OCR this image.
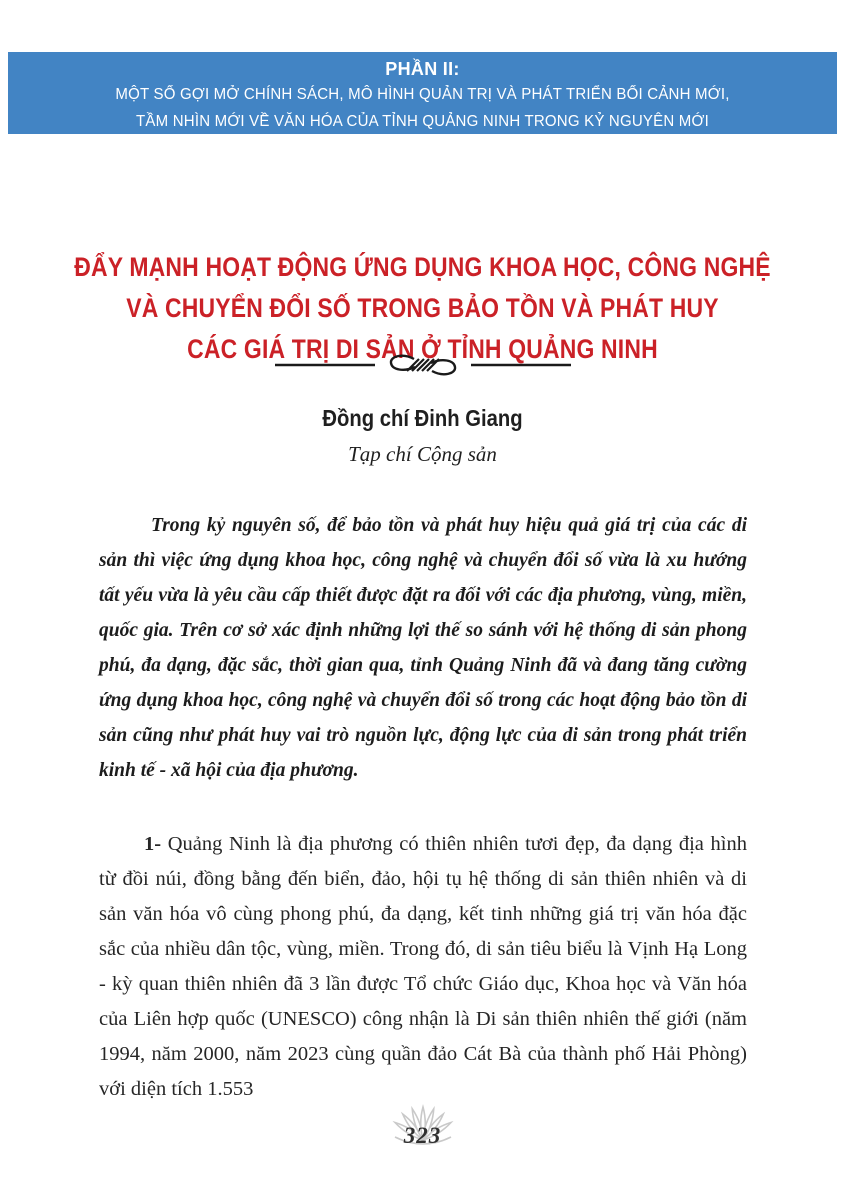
PHẦN II:
MỘT SỐ GỢI MỞ CHÍNH SÁCH, MÔ HÌNH QUẢN TRỊ VÀ PHÁT TRIỂN BỐI CẢNH MỚI,
TẦM NHÌN MỚI VỀ VĂN HÓA CỦA TỈNH QUẢNG NINH TRONG KỶ NGUYÊN MỚI
ĐẨY MẠNH HOẠT ĐỘNG ỨNG DỤNG KHOA HỌC, CÔNG NGHỆ
VÀ CHUYỂN ĐỔI SỐ TRONG BẢO TỒN VÀ PHÁT HUY
CÁC GIÁ TRỊ DI SẢN Ở TỈNH QUẢNG NINH
Đồng chí Đinh Giang
Tạp chí Cộng sản

Trong kỷ nguyên số, để bảo tồn và phát huy hiệu quả giá trị của các di sản thì việc ứng dụng khoa học, công nghệ và chuyển đổi số vừa là xu hướng tất yếu vừa là yêu cầu cấp thiết được đặt ra đối với các địa phương, vùng, miền, quốc gia. Trên cơ sở xác định những lợi thế so sánh với hệ thống di sản phong phú, đa dạng, đặc sắc, thời gian qua, tỉnh Quảng Ninh đã và đang tăng cường ứng dụng khoa học, công nghệ và chuyển đổi số trong các hoạt động bảo tồn di sản cũng như phát huy vai trò nguồn lực, động lực của di sản trong phát triển kinh tế - xã hội của địa phương.

1- Quảng Ninh là địa phương có thiên nhiên tươi đẹp, đa dạng địa hình từ đồi núi, đồng bằng đến biển, đảo, hội tụ hệ thống di sản thiên nhiên và di sản văn hóa vô cùng phong phú, đa dạng, kết tinh những giá trị văn hóa đặc sắc của nhiều dân tộc, vùng, miền. Trong đó, di sản tiêu biểu là Vịnh Hạ Long - kỳ quan thiên nhiên đã 3 lần được Tổ chức Giáo dục, Khoa học và Văn hóa của Liên hợp quốc (UNESCO) công nhận là Di sản thiên nhiên thế giới (năm 1994, năm 2000, năm 2023 cùng quần đảo Cát Bà của thành phố Hải Phòng) với diện tích 1.553

323
